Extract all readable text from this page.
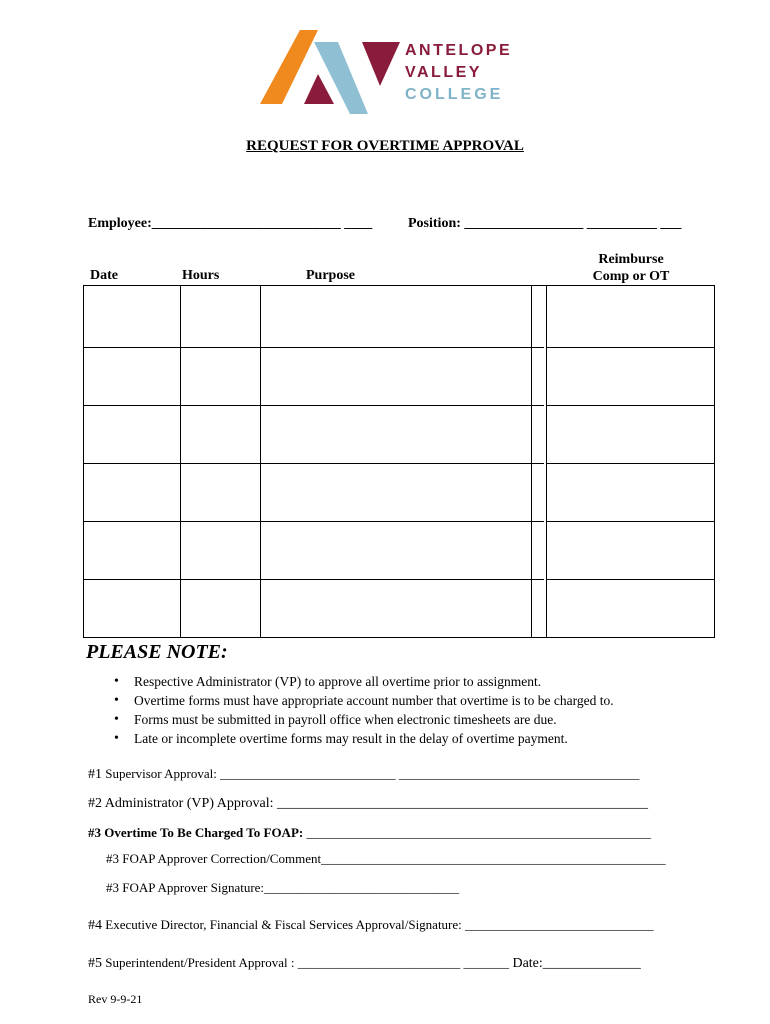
ANTELOPE
VALLEY
COLLEGE
REQUEST FOR OVERTIME APPROVAL
Employee:___________________________ ____	Position: _________________ __________ ___
Date	Hours	Purpose
Reimburse
Comp or OT
PLEASE NOTE:
• Respective Administrator (VP) to approve all overtime prior to assignment.
• Overtime forms must have appropriate account number that overtime is to be charged to.
• Forms must be submitted in payroll office when electronic timesheets are due.
• Late or incomplete overtime forms may result in the delay of overtime payment.
#1 Supervisor Approval: ___________________________ _____________________________________
#2 Administrator (VP) Approval: _____________________________________________________
#3 Overtime To Be Charged To FOAP: _____________________________________________________
#3 FOAP Approver Correction/Comment_____________________________________________________
#3 FOAP Approver Signature:______________________________
#4 Executive Director, Financial & Fiscal Services Approval/Signature: _____________________________
#5 Superintendent/President Approval : _________________________ _______ Date:______________
Rev 9-9-21
